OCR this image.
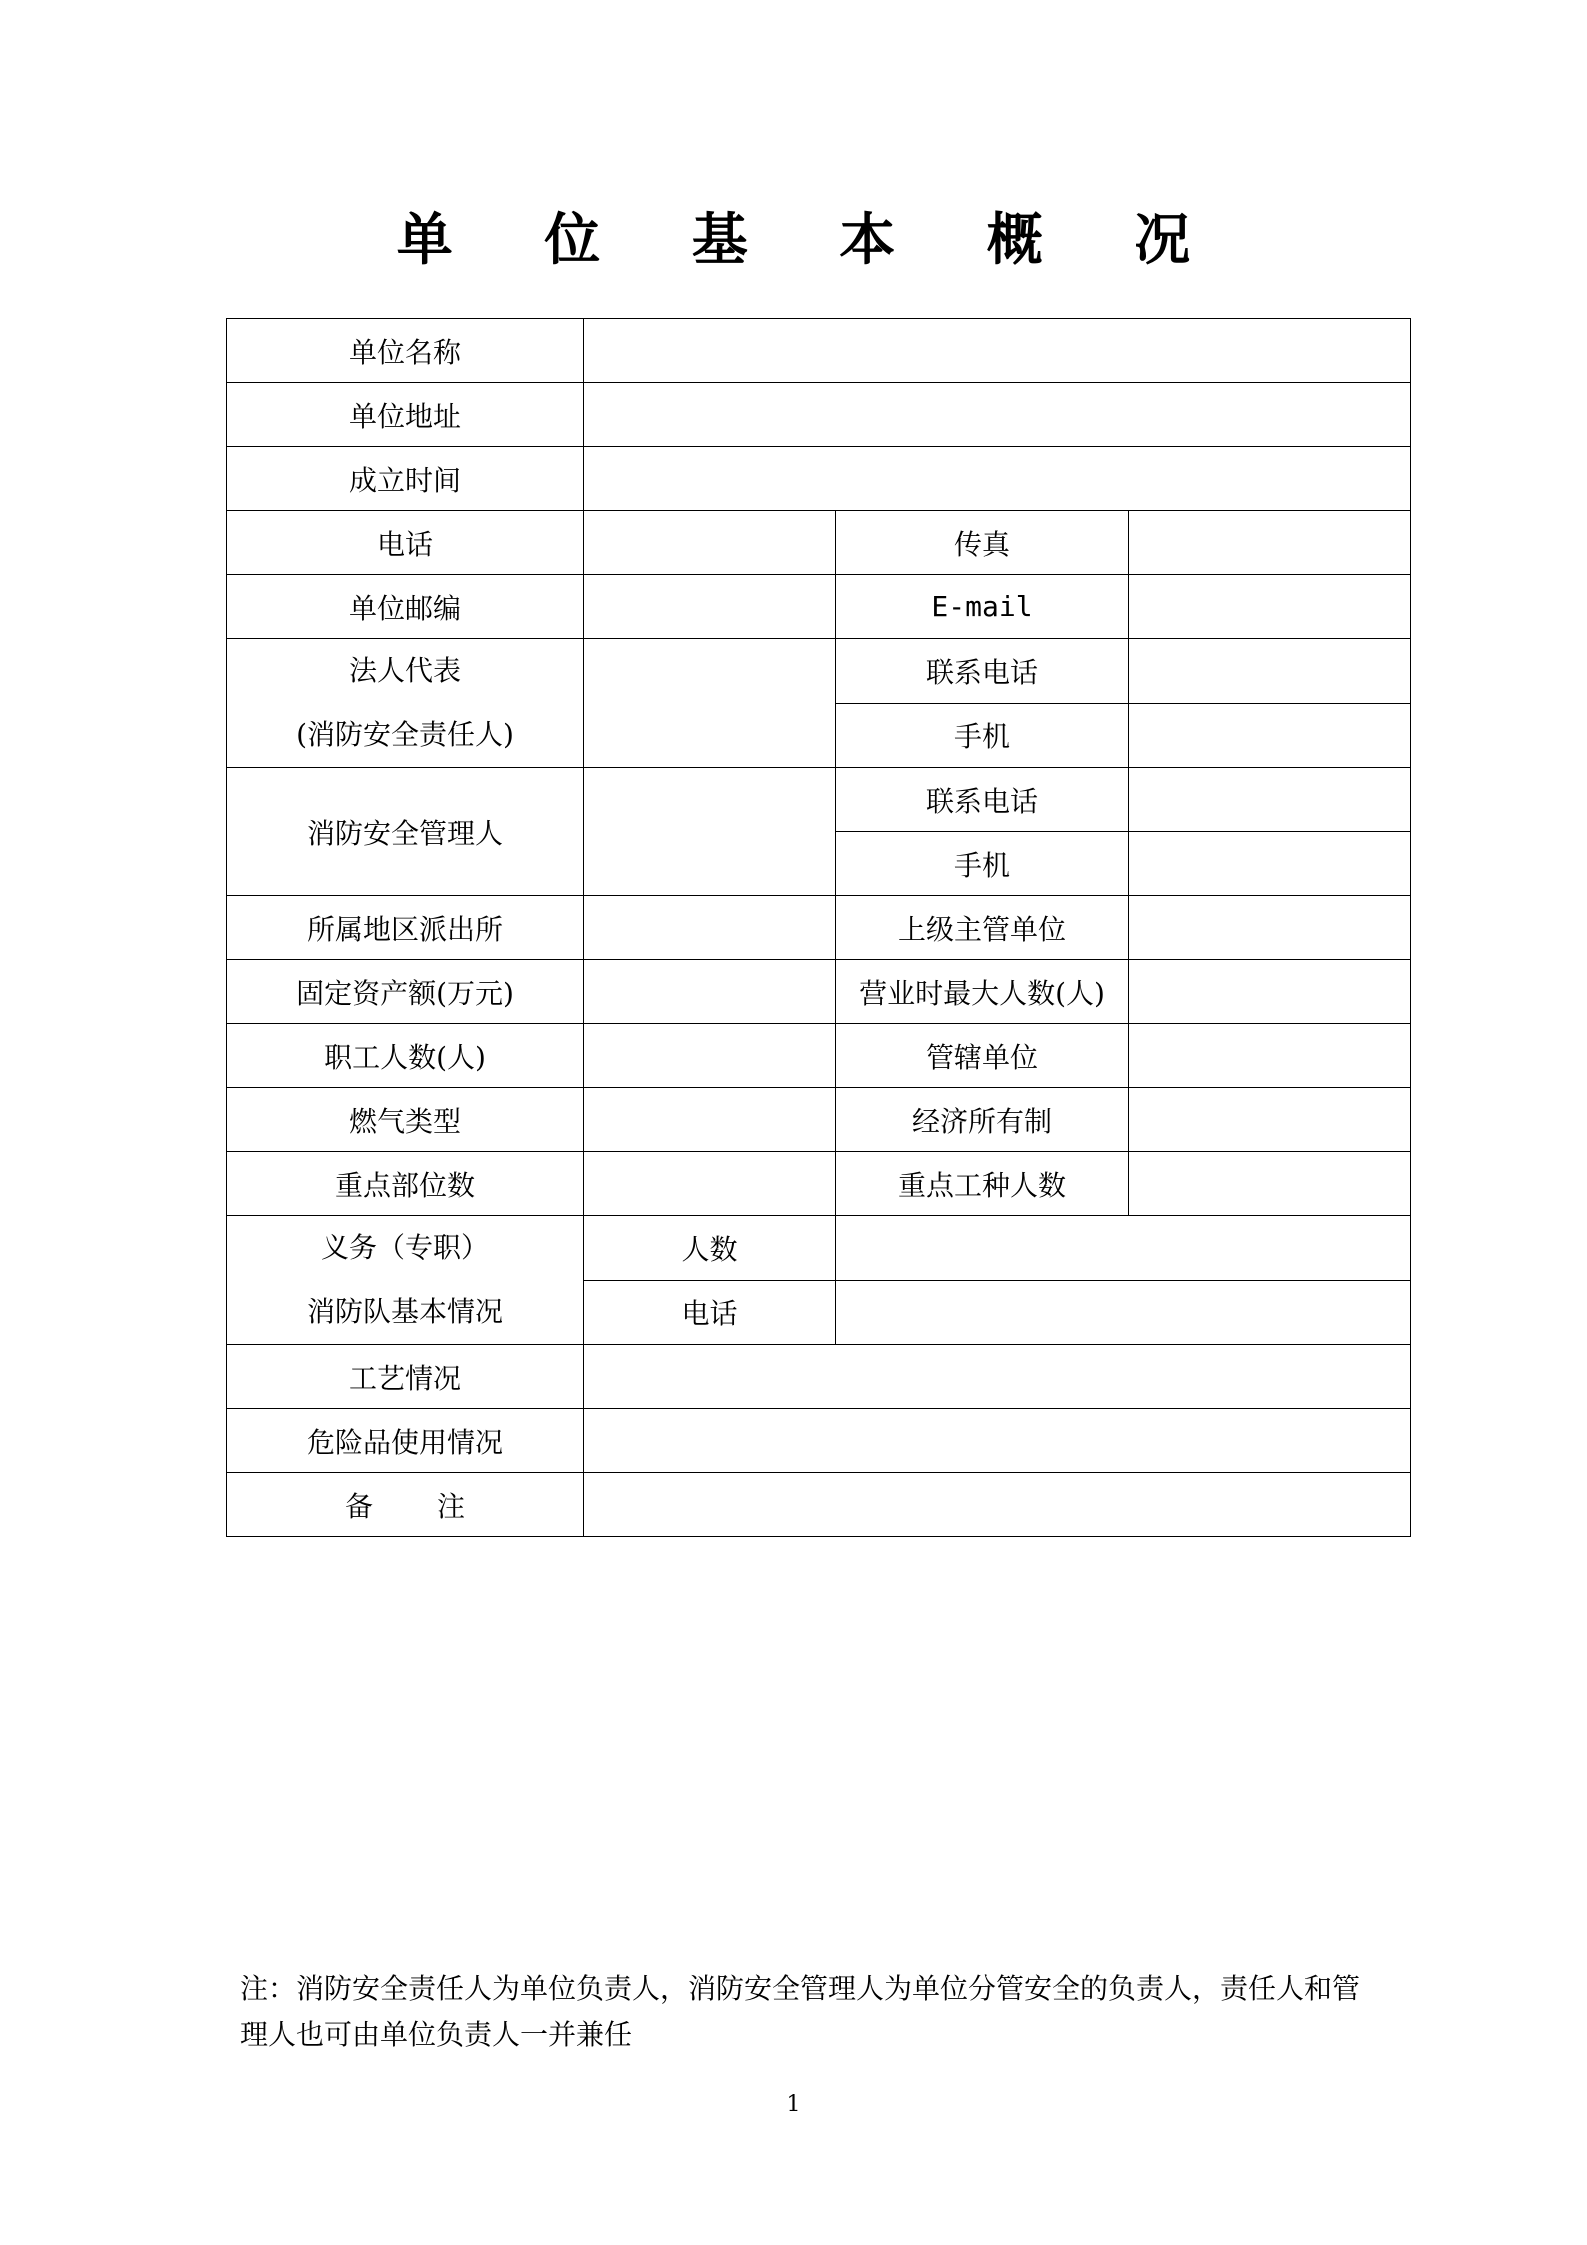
单 位 基 本 概 况
单位名称			
单位地址			
成立时间			
电话		传真	
单位邮编		E-mail	

法人代表
(消防安全责任人)		联系电话	
		手机	
消防安全管理人		联系电话	
		手机	
所属地区派出所		上级主管单位	
固定资产额(万元)		营业时最大人数(人)	
职工人数(人)		管辖单位	
燃气类型		经济所有制	
重点部位数		重点工种人数	

义务（专职）
消防队基本情况	人数		
	电话		
工艺情况			
危险品使用情况			
备 注			
注：消防安全责任人为单位负责人，消防安全管理人为单位分管安全的负责人，责任人和管理人也可由单位负责人一并兼任
1
